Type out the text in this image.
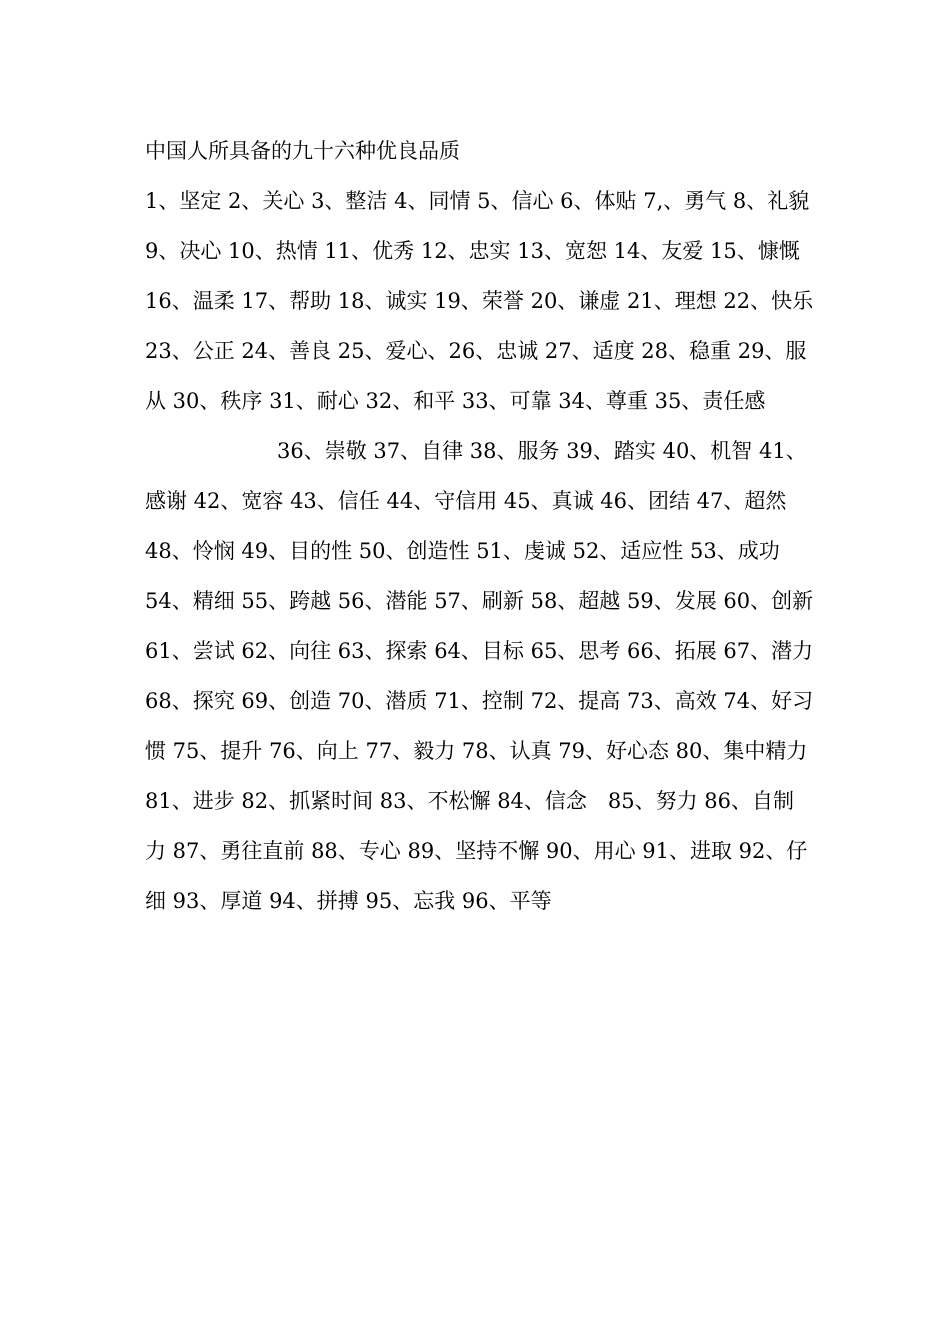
中国人所具备的九十六种优良品质
1、坚定 2、关心 3、整洁 4、同情 5、信心 6、体贴 7,、勇气 8、礼貌
9、决心 10、热情 11、优秀 12、忠实 13、宽恕 14、友爱 15、慷慨
16、温柔 17、帮助 18、诚实 19、荣誉 20、谦虚 21、理想 22、快乐
23、公正 24、善良 25、爱心、26、忠诚 27、适度 28、稳重 29、服
从 30、秩序 31、耐心 32、和平 33、可靠 34、尊重 35、责任感
36、崇敬 37、自律 38、服务 39、踏实 40、机智 41、
感谢 42、宽容 43、信任 44、守信用 45、真诚 46、团结 47、超然
48、怜悯 49、目的性 50、创造性 51、虔诚 52、适应性 53、成功
54、精细 55、跨越 56、潜能 57、刷新 58、超越 59、发展 60、创新
61、尝试 62、向往 63、探索 64、目标 65、思考 66、拓展 67、潜力
68、探究 69、创造 70、潜质 71、控制 72、提高 73、高效 74、好习
惯 75、提升 76、向上 77、毅力 78、认真 79、好心态 80、集中精力
81、进步 82、抓紧时间 83、不松懈 84、信念　85、努力 86、自制
力 87、勇往直前 88、专心 89、坚持不懈 90、用心 91、进取 92、仔
细 93、厚道 94、拼搏 95、忘我 96、平等
